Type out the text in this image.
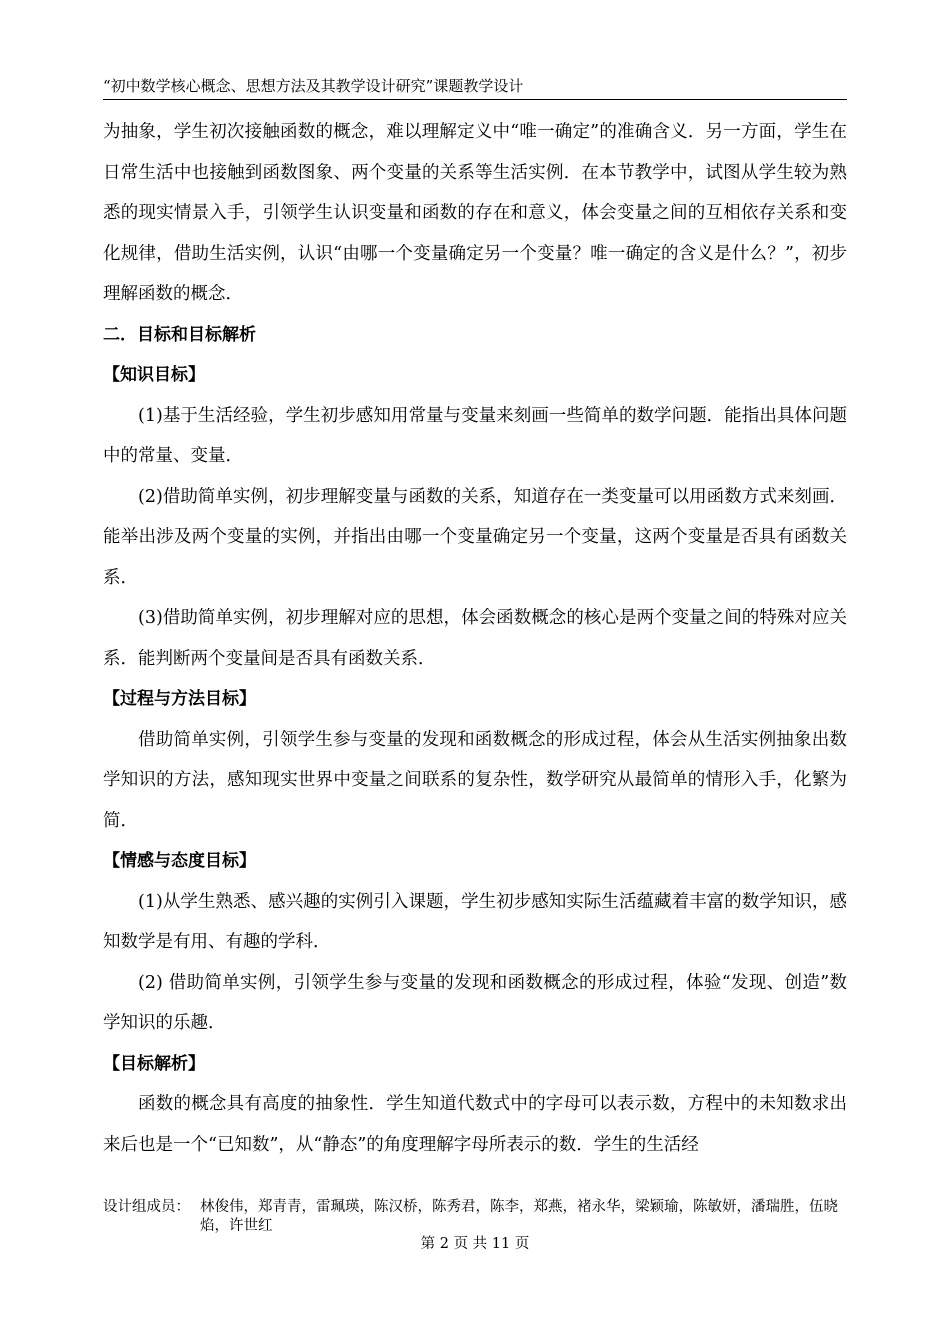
“初中数学核心概念、思想方法及其教学设计研究”课题教学设计

为抽象，学生初次接触函数的概念，难以理解定义中“唯一确定”的准确含义．另一方面，学生在日常生活中也接触到函数图象、两个变量的关系等生活实例．在本节教学中，试图从学生较为熟悉的现实情景入手，引领学生认识变量和函数的存在和意义，体会变量之间的互相依存关系和变化规律，借助生活实例，认识“由哪一个变量确定另一个变量？唯一确定的含义是什么？”，初步理解函数的概念．

二．目标和目标解析

【知识目标】

(1)基于生活经验，学生初步感知用常量与变量来刻画一些简单的数学问题．能指出具体问题中的常量、变量．

(2)借助简单实例，初步理解变量与函数的关系，知道存在一类变量可以用函数方式来刻画．能举出涉及两个变量的实例，并指出由哪一个变量确定另一个变量，这两个变量是否具有函数关系．

(3)借助简单实例，初步理解对应的思想，体会函数概念的核心是两个变量之间的特殊对应关系．能判断两个变量间是否具有函数关系．

【过程与方法目标】

借助简单实例，引领学生参与变量的发现和函数概念的形成过程，体会从生活实例抽象出数学知识的方法，感知现实世界中变量之间联系的复杂性，数学研究从最简单的情形入手，化繁为简．

【情感与态度目标】

(1)从学生熟悉、感兴趣的实例引入课题，学生初步感知实际生活蕴藏着丰富的数学知识，感知数学是有用、有趣的学科．

(2) 借助简单实例，引领学生参与变量的发现和函数概念的形成过程，体验“发现、创造”数学知识的乐趣．

【目标解析】

函数的概念具有高度的抽象性．学生知道代数式中的字母可以表示数，方程中的未知数求出来后也是一个“已知数”，从“静态”的角度理解字母所表示的数．学生的生活经

设计组成员： 林俊伟，郑青青，雷珮瑛，陈汉桥，陈秀君，陈李，郑燕，褚永华，梁颖瑜，陈敏妍，潘瑞胜，伍晓焰，许世红
第 2 页 共 11 页
